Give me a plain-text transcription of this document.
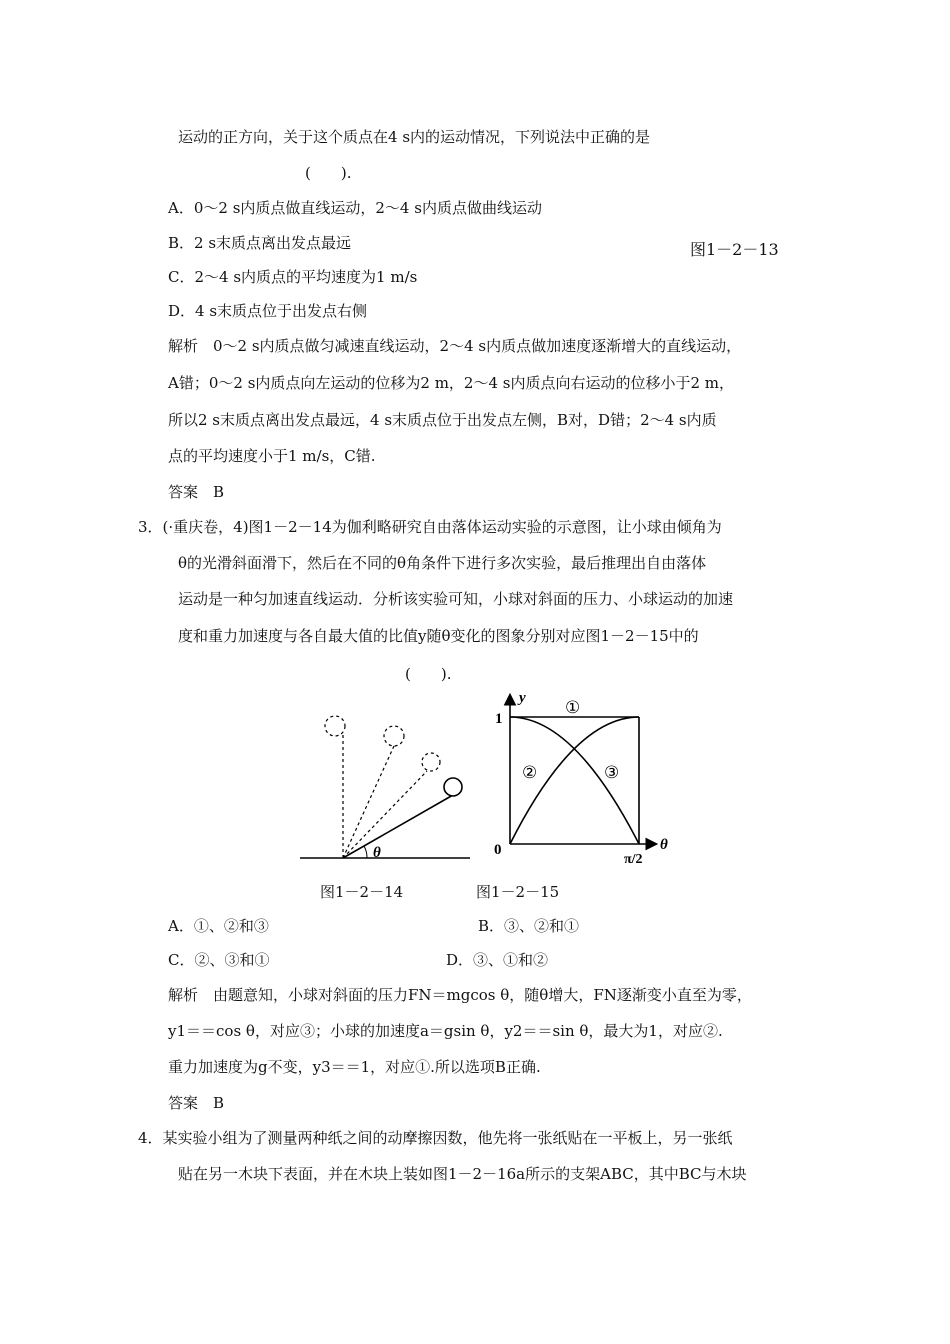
运动的正方向，关于这个质点在4 s内的运动情况，下列说法中正确的是
(　　).
A．0～2 s内质点做直线运动，2～4 s内质点做曲线运动
B．2 s末质点离出发点最远	图1－2－13
C．2～4 s内质点的平均速度为1 m/s
D．4 s末质点位于出发点右侧
解析　0～2 s内质点做匀减速直线运动，2～4 s内质点做加速度逐渐增大的直线运动，
A错；0～2 s内质点向左运动的位移为2 m，2～4 s内质点向右运动的位移小于2 m，
所以2 s末质点离出发点最远，4 s末质点位于出发点左侧，B对，D错；2～4 s内质
点的平均速度小于1 m/s，C错.
答案　B
3．(·重庆卷，4)图1－2－14为伽利略研究自由落体运动实验的示意图，让小球由倾角为
θ的光滑斜面滑下，然后在不同的θ角条件下进行多次实验，最后推理出自由落体
运动是一种匀加速直线运动．分析该实验可知，小球对斜面的压力、小球运动的加速
度和重力加速度与各自最大值的比值y随θ变化的图象分别对应图1－2－15中的
(　　).
θ
y
1
0
π/2
θ
①
②	③
图1－2－14	图1－2－15
A．①、②和③	B．③、②和①
C．②、③和①	D．③、①和②
解析　由题意知，小球对斜面的压力FN＝mgcos θ，随θ增大，FN逐渐变小直至为零，
y1＝＝cos θ，对应③；小球的加速度a＝gsin θ，y2＝＝sin θ，最大为1，对应②.
重力加速度为g不变，y3＝＝1，对应①.所以选项B正确.
答案　B
4．某实验小组为了测量两种纸之间的动摩擦因数，他先将一张纸贴在一平板上，另一张纸
贴在另一木块下表面，并在木块上装如图1－2－16a所示的支架ABC，其中BC与木块
